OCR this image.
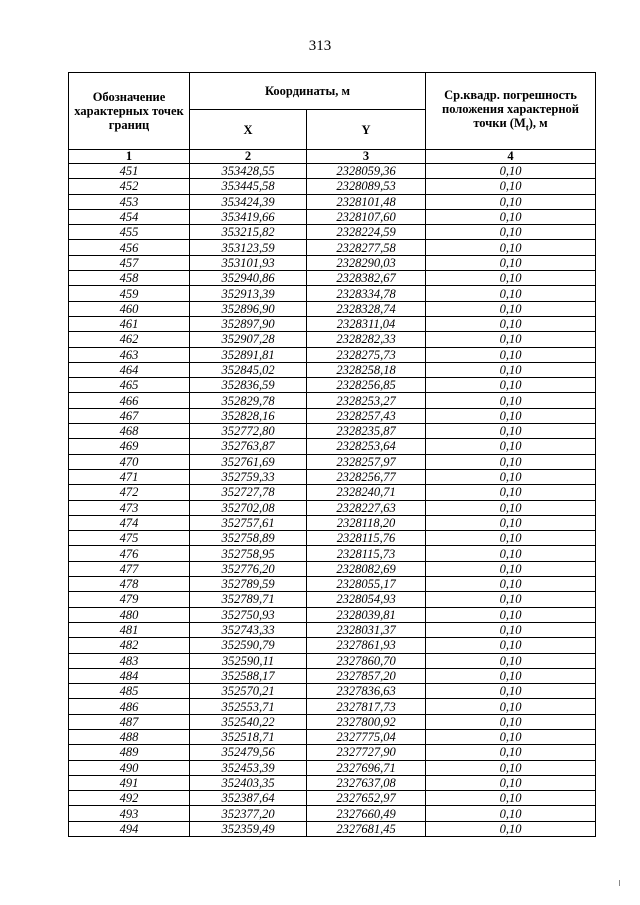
313
Обозначение характерных точек границ	Координаты, м		Ср.квадр. погрешность положения характерной точки $(M_t)$, м
	X	Y	
1	2	3	4
451	353428,55	2328059,36	0,10
452	353445,58	2328089,53	0,10
453	353424,39	2328101,48	0,10
454	353419,66	2328107,60	0,10
455	353215,82	2328224,59	0,10
456	353123,59	2328277,58	0,10
457	353101,93	2328290,03	0,10
458	352940,86	2328382,67	0,10
459	352913,39	2328334,78	0,10
460	352896,90	2328328,74	0,10
461	352897,90	2328311,04	0,10
462	352907,28	2328282,33	0,10
463	352891,81	2328275,73	0,10
464	352845,02	2328258,18	0,10
465	352836,59	2328256,85	0,10
466	352829,78	2328253,27	0,10
467	352828,16	2328257,43	0,10
468	352772,80	2328235,87	0,10
469	352763,87	2328253,64	0,10
470	352761,69	2328257,97	0,10
471	352759,33	2328256,77	0,10
472	352727,78	2328240,71	0,10
473	352702,08	2328227,63	0,10
474	352757,61	2328118,20	0,10
475	352758,89	2328115,76	0,10
476	352758,95	2328115,73	0,10
477	352776,20	2328082,69	0,10
478	352789,59	2328055,17	0,10
479	352789,71	2328054,93	0,10
480	352750,93	2328039,81	0,10
481	352743,33	2328031,37	0,10
482	352590,79	2327861,93	0,10
483	352590,11	2327860,70	0,10
484	352588,17	2327857,20	0,10
485	352570,21	2327836,63	0,10
486	352553,71	2327817,73	0,10
487	352540,22	2327800,92	0,10
488	352518,71	2327775,04	0,10
489	352479,56	2327727,90	0,10
490	352453,39	2327696,71	0,10
491	352403,35	2327637,08	0,10
492	352387,64	2327652,97	0,10
493	352377,20	2327660,49	0,10
494	352359,49	2327681,45	0,10
